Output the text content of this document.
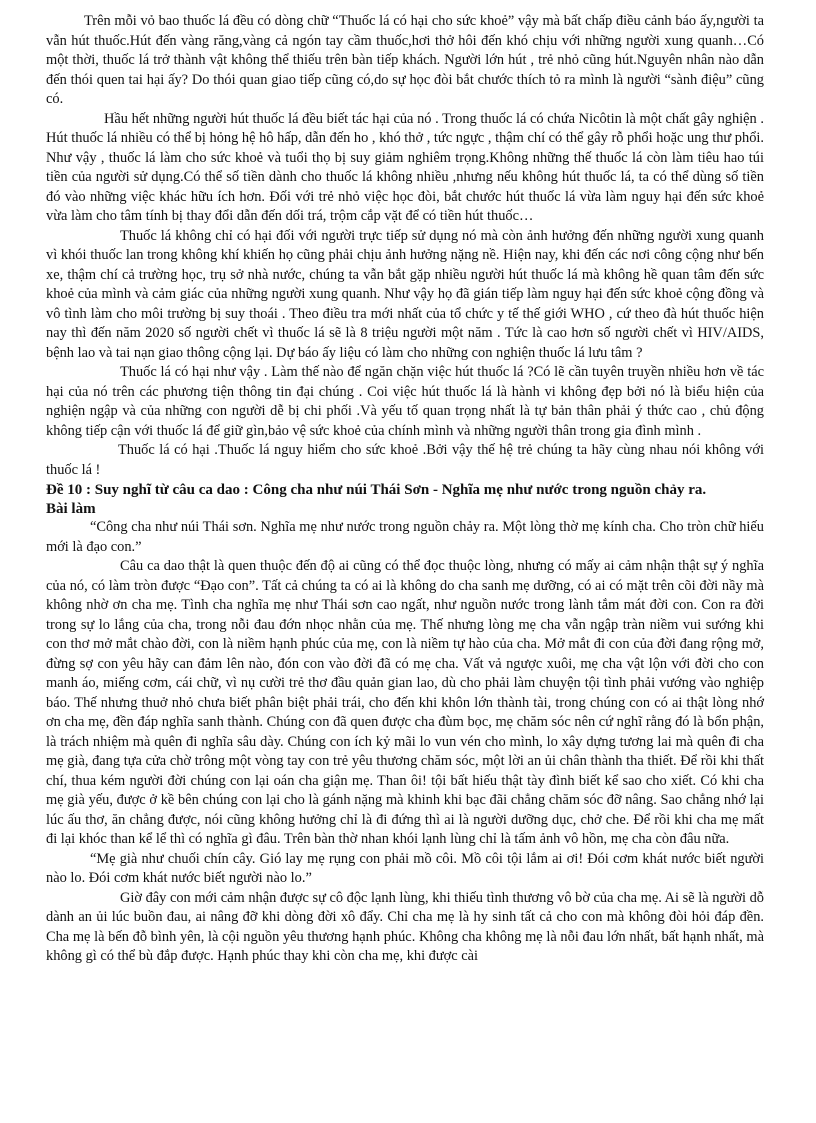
Trên mỗi vỏ bao thuốc lá đều có dòng chữ “Thuốc lá có hại cho sức khoẻ” vậy mà bất chấp điều cảnh báo ấy,người ta vẫn hút thuốc.Hút đến vàng răng,vàng cả ngón tay cầm thuốc,hơi thở hôi đến khó chịu với những người xung quanh…Có một thời, thuốc lá trở thành vật không thể thiếu trên bàn tiếp khách. Người lớn hút , trẻ nhỏ cũng hút.Nguyên nhân nào dẫn đến thói quen tai hại ấy? Do thói quan giao tiếp cũng có,do sự học đòi bắt chước thích tỏ ra mình là người “sành điệu” cũng có.

Hầu hết những người hút thuốc lá đều biết tác hại của nó . Trong thuốc lá có chứa Nicôtin là một chất gây nghiện . Hút thuốc lá nhiều có thể bị hỏng hệ hô hấp, dẫn đến ho , khó thở , tức ngực , thậm chí có thể gây rỗ phổi hoặc ung thư phổi. Như vậy , thuốc lá làm cho sức khoẻ và tuổi thọ bị suy giảm nghiêm trọng.Không những thế thuốc lá còn làm tiêu hao túi tiền của người sử dụng.Có thể số tiền dành cho thuốc lá không nhiều ,nhưng nếu không hút thuốc lá, ta có thể dùng số tiền đó vào những việc khác hữu ích hơn. Đối với trẻ nhỏ việc học đòi, bắt chước hút thuốc lá vừa làm nguy hại đến sức khoẻ vừa làm cho tâm tính bị thay đổi dẫn đến dối trá, trộm cắp vặt để có tiền hút thuốc…

Thuốc lá không chỉ có hại đối với người trực tiếp sử dụng nó mà còn ảnh hưởng đến những người xung quanh vì khói thuốc lan trong không khí khiến họ cũng phải chịu ảnh hưởng nặng nề. Hiện nay, khi đến các nơi công cộng như bến xe, thậm chí cả trường học, trụ sở nhà nước, chúng ta vẫn bắt gặp nhiều người hút thuốc lá mà không hề quan tâm đến sức khoẻ của mình và cảm giác của những người xung quanh. Như vậy họ đã gián tiếp làm nguy hại đến sức khoẻ cộng đồng và vô tình làm cho môi trường bị suy thoái . Theo điều tra mới nhất của tổ chức y tế thế giới WHO , cứ theo đà hút thuốc hiện nay thì đến năm 2020 số người chết vì thuốc lá sẽ là 8 triệu người một năm . Tức là cao hơn số người chết vì HIV/AIDS, bệnh lao và tai nạn giao thông cộng lại. Dự báo ấy liệu có làm cho những con nghiện thuốc lá lưu tâm ?

Thuốc lá có hại như vậy . Làm thế nào để ngăn chặn việc hút thuốc lá ?Có lẽ cần tuyên truyền nhiều hơn về tác hại của nó trên các phương tiện thông tin đại chúng . Coi việc hút thuốc lá là hành vi không đẹp bởi nó là biểu hiện của nghiện ngập và của những con người dễ bị chi phối .Và yếu tố quan trọng nhất là tự bản thân phải ý thức cao , chủ động không tiếp cận với thuốc lá để giữ gìn,bảo vệ sức khoẻ của chính mình và những người thân trong gia đình mình .

Thuốc lá có hại .Thuốc lá nguy hiểm cho sức khoẻ .Bởi vậy thế hệ trẻ chúng ta hãy cùng nhau nói không với thuốc lá !

Đề 10 : Suy nghĩ từ câu ca dao : Công cha như núi Thái Sơn - Nghĩa mẹ như nước trong nguồn chảy ra.

Bài làm

“Công cha như núi Thái sơn. Nghĩa mẹ như nước trong nguồn chảy ra. Một lòng thờ mẹ kính cha. Cho tròn chữ hiếu mới là đạo con.”

Câu ca dao thật là quen thuộc đến độ ai cũng có thể đọc thuộc lòng, nhưng có mấy ai cảm nhận thật sự ý nghĩa của nó, có làm tròn được “Đạo con”. Tất cả chúng ta có ai là không do cha sanh mẹ dưỡng, có ai có mặt trên cõi đời nầy mà không nhờ ơn cha mẹ. Tình cha nghĩa mẹ như Thái sơn cao ngất, như nguồn nước trong lành tắm mát đời con. Con ra đời trong sự lo lắng của cha, trong nỗi đau đớn nhọc nhằn của mẹ. Thế nhưng lòng mẹ cha vẫn ngập tràn niềm vui sướng khi con thơ mở mắt chào đời, con là niềm hạnh phúc của mẹ, con là niềm tự hào của cha. Mở mắt đi con của đời đang rộng mở, đừng sợ con yêu hãy can đảm lên nào, đón con vào đời đã có mẹ cha. Vất vả ngược xuôi, mẹ cha vật lộn với đời cho con manh áo, miếng cơm, cái chữ, vì nụ cười trẻ thơ đầu quản gian lao, dù cho phải làm chuyện tội tình phải vướng vào nghiệp báo. Thế nhưng thuở nhỏ chưa biết phân biệt phải trái, cho đến khi khôn lớn thành tài, trong chúng con có ai thật lòng nhớ ơn cha mẹ, đền đáp nghĩa sanh thành. Chúng con đã quen được cha đùm bọc, mẹ chăm sóc nên cứ nghĩ rằng đó là bổn phận, là trách nhiệm mà quên đi nghĩa sâu dày. Chúng con ích kỷ mãi lo vun vén cho mình, lo xây dựng tương lai mà quên đi cha mẹ già, đang tựa cửa chờ trông một vòng tay con trẻ yêu thương chăm sóc, một lời an ủi chân thành tha thiết. Để rồi khi thất chí, thua kém người đời chúng con lại oán cha giận mẹ. Than ôi! tội bất hiếu thật tày đình biết kể sao cho xiết. Có khi cha mẹ già yếu, được ở kề bên chúng con lại cho là gánh nặng mà khinh khi bạc đãi chẳng chăm sóc đỡ nâng. Sao chẳng nhớ lại lúc ấu thơ, ăn chẳng được, nói cũng không hưởng chỉ là đi đứng thì ai là người dưỡng dục, chở che. Để rồi khi cha mẹ mất đi lại khóc than kể lể thì có nghĩa gì đâu. Trên bàn thờ nhan khói lạnh lùng chỉ là tấm ảnh vô hồn, mẹ cha còn đâu nữa.

“Mẹ già như chuối chín cây. Gió lay mẹ rụng con phải mồ côi. Mồ côi tội lắm ai ơi! Đói cơm khát nước biết người nào lo. Đói cơm khát nước biết người nào lo.”

Giờ đây con mới cảm nhận được sự cô độc lạnh lùng, khi thiếu tình thương vô bờ của cha mẹ. Ai sẽ là người dỗ dành an ủi lúc buồn đau, ai nâng đỡ khi dòng đời xô đẩy. Chỉ cha mẹ là hy sinh tất cả cho con mà không đòi hỏi đáp đền. Cha mẹ là bến đỗ bình yên, là cội nguồn yêu thương hạnh phúc. Không cha không mẹ là nỗi đau lớn nhất, bất hạnh nhất, mà không gì có thể bù đắp được. Hạnh phúc thay khi còn cha mẹ, khi được cài
